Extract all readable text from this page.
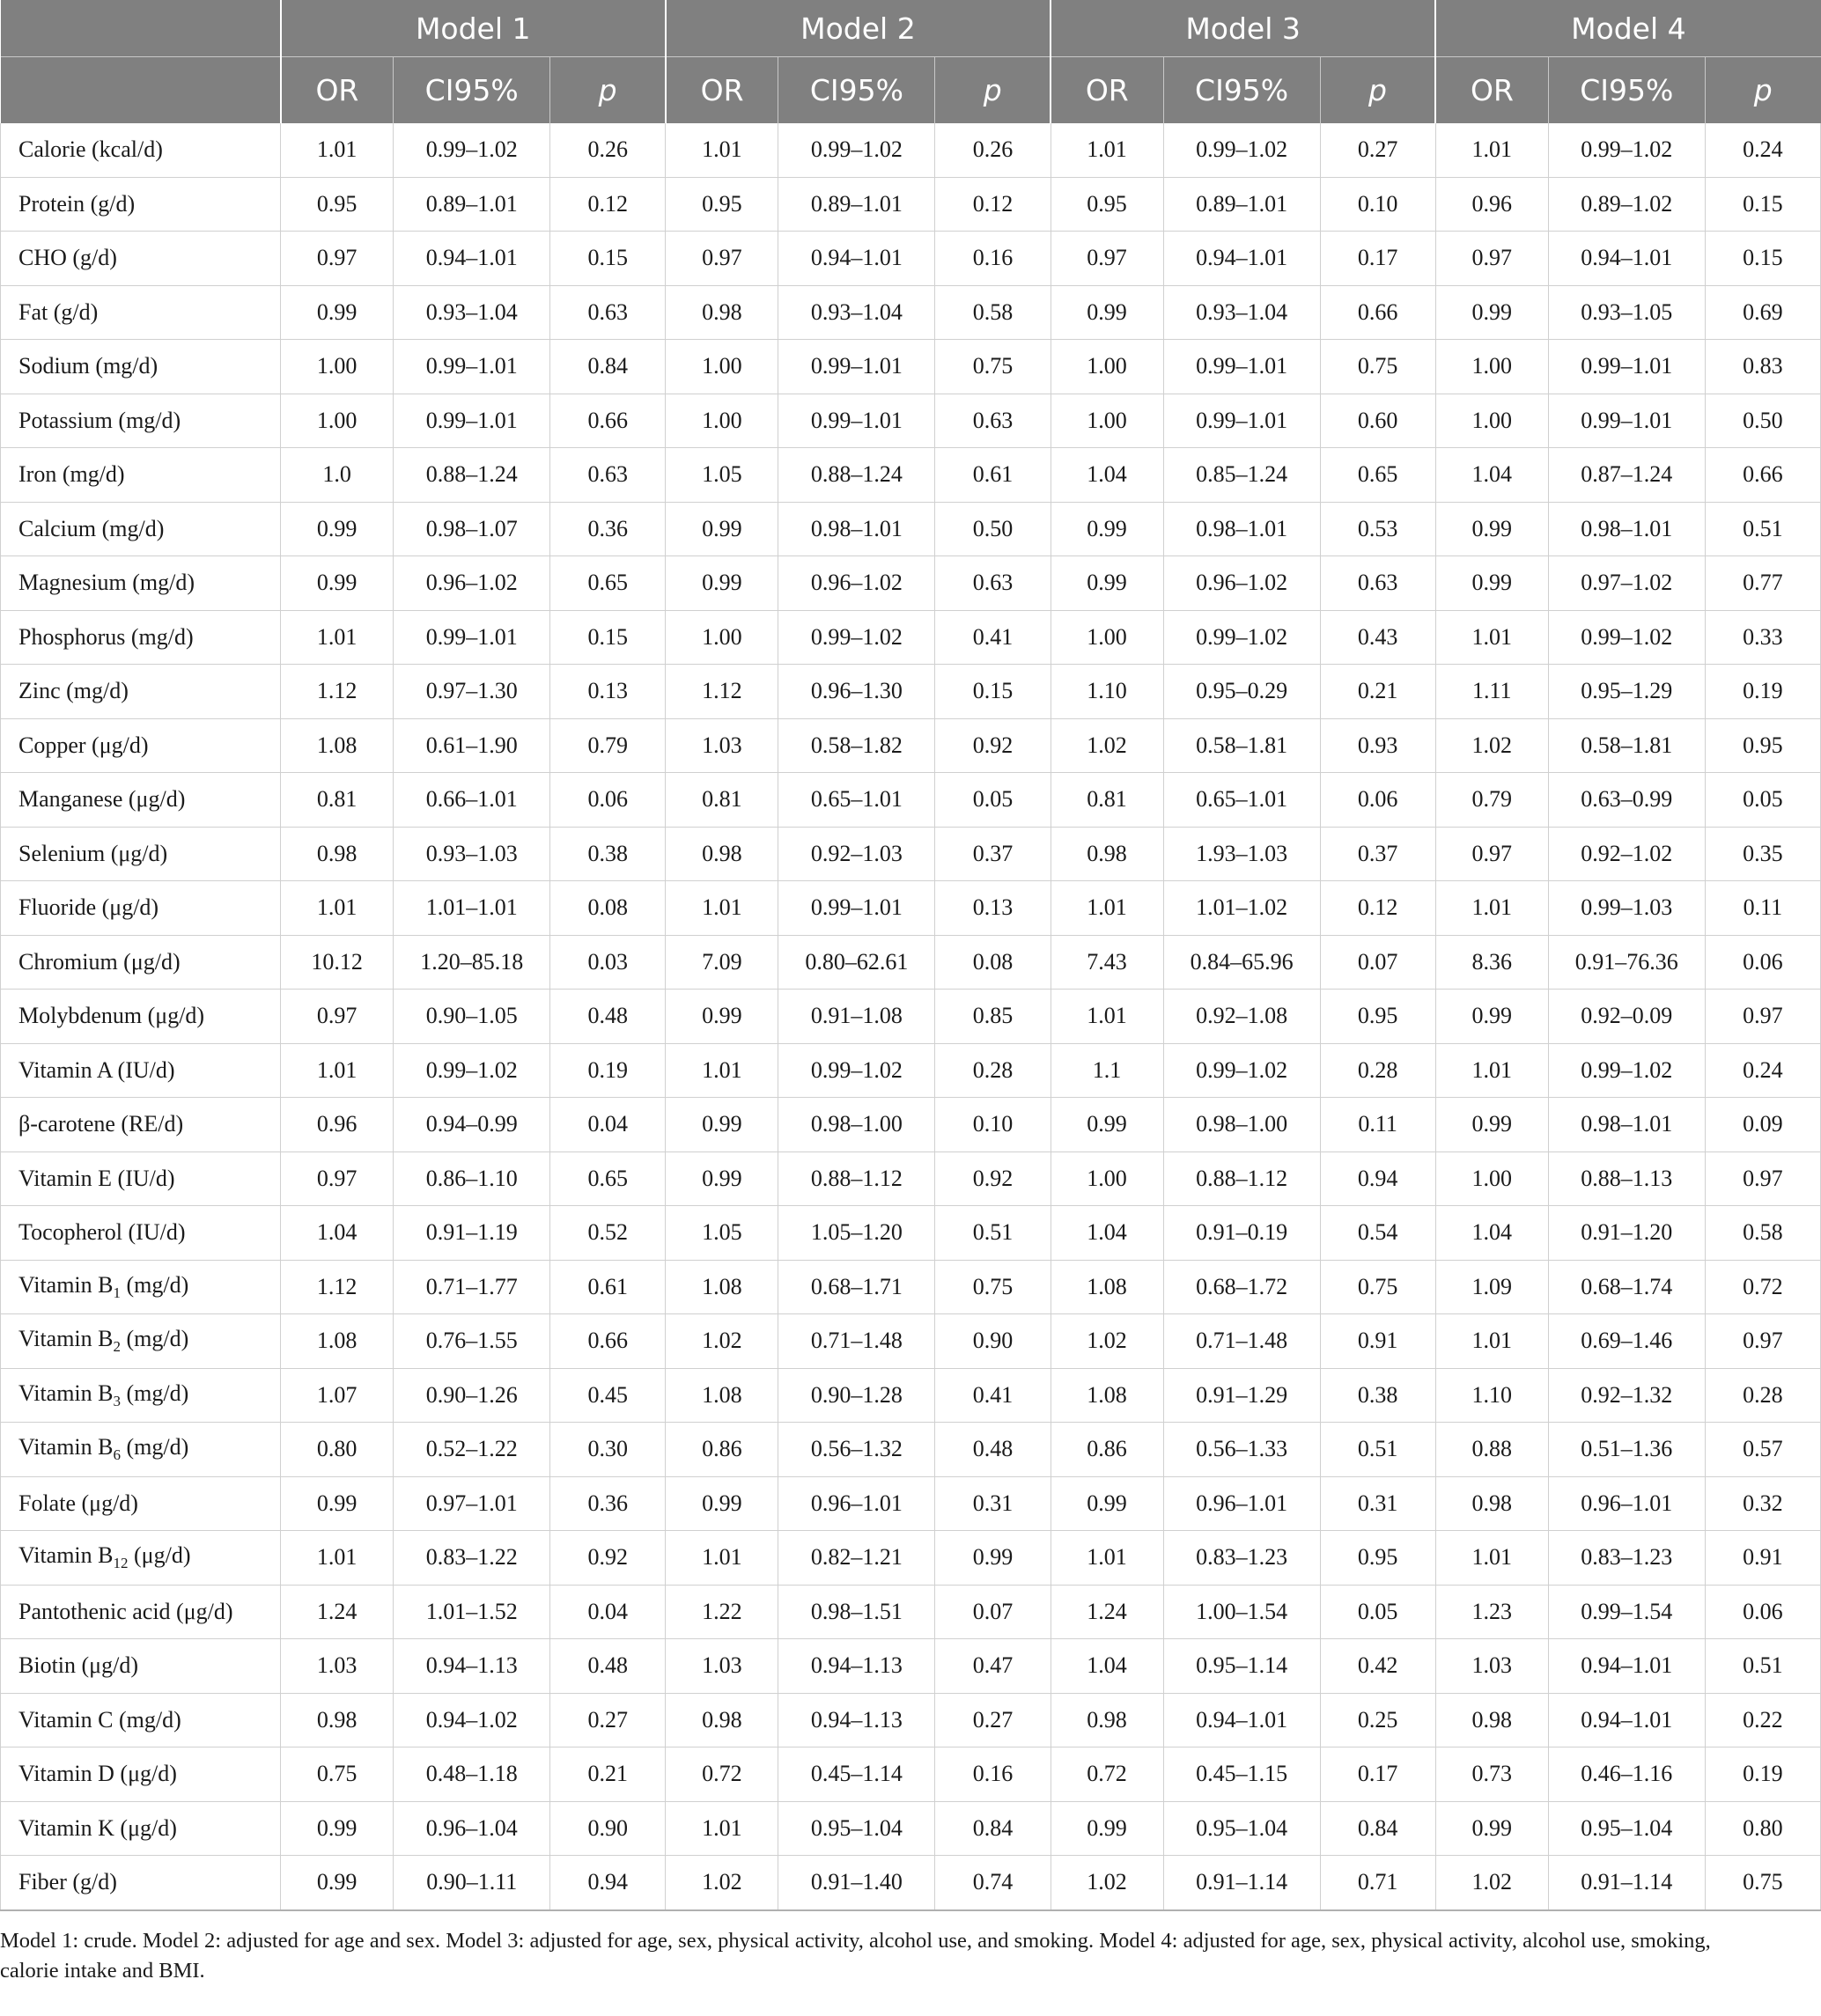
	Model 1			Model 2			Model 3			Model 4		
	OR	CI95%	p	OR	CI95%	p	OR	CI95%	p	OR	CI95%	p
Calorie (kcal/d)	1.01	0.99–1.02	0.26	1.01	0.99–1.02	0.26	1.01	0.99–1.02	0.27	1.01	0.99–1.02	0.24
Protein (g/d)	0.95	0.89–1.01	0.12	0.95	0.89–1.01	0.12	0.95	0.89–1.01	0.10	0.96	0.89–1.02	0.15
CHO (g/d)	0.97	0.94–1.01	0.15	0.97	0.94–1.01	0.16	0.97	0.94–1.01	0.17	0.97	0.94–1.01	0.15
Fat (g/d)	0.99	0.93–1.04	0.63	0.98	0.93–1.04	0.58	0.99	0.93–1.04	0.66	0.99	0.93–1.05	0.69
Sodium (mg/d)	1.00	0.99–1.01	0.84	1.00	0.99–1.01	0.75	1.00	0.99–1.01	0.75	1.00	0.99–1.01	0.83
Potassium (mg/d)	1.00	0.99–1.01	0.66	1.00	0.99–1.01	0.63	1.00	0.99–1.01	0.60	1.00	0.99–1.01	0.50
Iron (mg/d)	1.0	0.88–1.24	0.63	1.05	0.88–1.24	0.61	1.04	0.85–1.24	0.65	1.04	0.87–1.24	0.66
Calcium (mg/d)	0.99	0.98–1.07	0.36	0.99	0.98–1.01	0.50	0.99	0.98–1.01	0.53	0.99	0.98–1.01	0.51
Magnesium (mg/d)	0.99	0.96–1.02	0.65	0.99	0.96–1.02	0.63	0.99	0.96–1.02	0.63	0.99	0.97–1.02	0.77
Phosphorus (mg/d)	1.01	0.99–1.01	0.15	1.00	0.99–1.02	0.41	1.00	0.99–1.02	0.43	1.01	0.99–1.02	0.33
Zinc (mg/d)	1.12	0.97–1.30	0.13	1.12	0.96–1.30	0.15	1.10	0.95–0.29	0.21	1.11	0.95–1.29	0.19
Copper (μg/d)	1.08	0.61–1.90	0.79	1.03	0.58–1.82	0.92	1.02	0.58–1.81	0.93	1.02	0.58–1.81	0.95
Manganese (μg/d)	0.81	0.66–1.01	0.06	0.81	0.65–1.01	0.05	0.81	0.65–1.01	0.06	0.79	0.63–0.99	0.05
Selenium (μg/d)	0.98	0.93–1.03	0.38	0.98	0.92–1.03	0.37	0.98	1.93–1.03	0.37	0.97	0.92–1.02	0.35
Fluoride (μg/d)	1.01	1.01–1.01	0.08	1.01	0.99–1.01	0.13	1.01	1.01–1.02	0.12	1.01	0.99–1.03	0.11
Chromium (μg/d)	10.12	1.20–85.18	0.03	7.09	0.80–62.61	0.08	7.43	0.84–65.96	0.07	8.36	0.91–76.36	0.06
Molybdenum (μg/d)	0.97	0.90–1.05	0.48	0.99	0.91–1.08	0.85	1.01	0.92–1.08	0.95	0.99	0.92–0.09	0.97
Vitamin A (IU/d)	1.01	0.99–1.02	0.19	1.01	0.99–1.02	0.28	1.1	0.99–1.02	0.28	1.01	0.99–1.02	0.24
β-carotene (RE/d)	0.96	0.94–0.99	0.04	0.99	0.98–1.00	0.10	0.99	0.98–1.00	0.11	0.99	0.98–1.01	0.09
Vitamin E (IU/d)	0.97	0.86–1.10	0.65	0.99	0.88–1.12	0.92	1.00	0.88–1.12	0.94	1.00	0.88–1.13	0.97
Tocopherol (IU/d)	1.04	0.91–1.19	0.52	1.05	1.05–1.20	0.51	1.04	0.91–0.19	0.54	1.04	0.91–1.20	0.58
Vitamin $B_1$ (mg/d)	1.12	0.71–1.77	0.61	1.08	0.68–1.71	0.75	1.08	0.68–1.72	0.75	1.09	0.68–1.74	0.72
Vitamin $B_2$ (mg/d)	1.08	0.76–1.55	0.66	1.02	0.71–1.48	0.90	1.02	0.71–1.48	0.91	1.01	0.69–1.46	0.97
Vitamin $B_3$ (mg/d)	1.07	0.90–1.26	0.45	1.08	0.90–1.28	0.41	1.08	0.91–1.29	0.38	1.10	0.92–1.32	0.28
Vitamin $B_6$ (mg/d)	0.80	0.52–1.22	0.30	0.86	0.56–1.32	0.48	0.86	0.56–1.33	0.51	0.88	0.51–1.36	0.57
Folate (μg/d)	0.99	0.97–1.01	0.36	0.99	0.96–1.01	0.31	0.99	0.96–1.01	0.31	0.98	0.96–1.01	0.32
Vitamin $B_{12}$ (μg/d)	1.01	0.83–1.22	0.92	1.01	0.82–1.21	0.99	1.01	0.83–1.23	0.95	1.01	0.83–1.23	0.91
Pantothenic acid (μg/d)	1.24	1.01–1.52	0.04	1.22	0.98–1.51	0.07	1.24	1.00–1.54	0.05	1.23	0.99–1.54	0.06
Biotin (μg/d)	1.03	0.94–1.13	0.48	1.03	0.94–1.13	0.47	1.04	0.95–1.14	0.42	1.03	0.94–1.01	0.51
Vitamin C (mg/d)	0.98	0.94–1.02	0.27	0.98	0.94–1.13	0.27	0.98	0.94–1.01	0.25	0.98	0.94–1.01	0.22
Vitamin D (μg/d)	0.75	0.48–1.18	0.21	0.72	0.45–1.14	0.16	0.72	0.45–1.15	0.17	0.73	0.46–1.16	0.19
Vitamin K (μg/d)	0.99	0.96–1.04	0.90	1.01	0.95–1.04	0.84	0.99	0.95–1.04	0.84	0.99	0.95–1.04	0.80
Fiber (g/d)	0.99	0.90–1.11	0.94	1.02	0.91–1.40	0.74	1.02	0.91–1.14	0.71	1.02	0.91–1.14	0.75
Model 1: crude. Model 2: adjusted for age and sex. Model 3: adjusted for age, sex, physical activity, alcohol use, and smoking. Model 4: adjusted for age, sex, physical activity, alcohol use, smoking, calorie intake and BMI.
